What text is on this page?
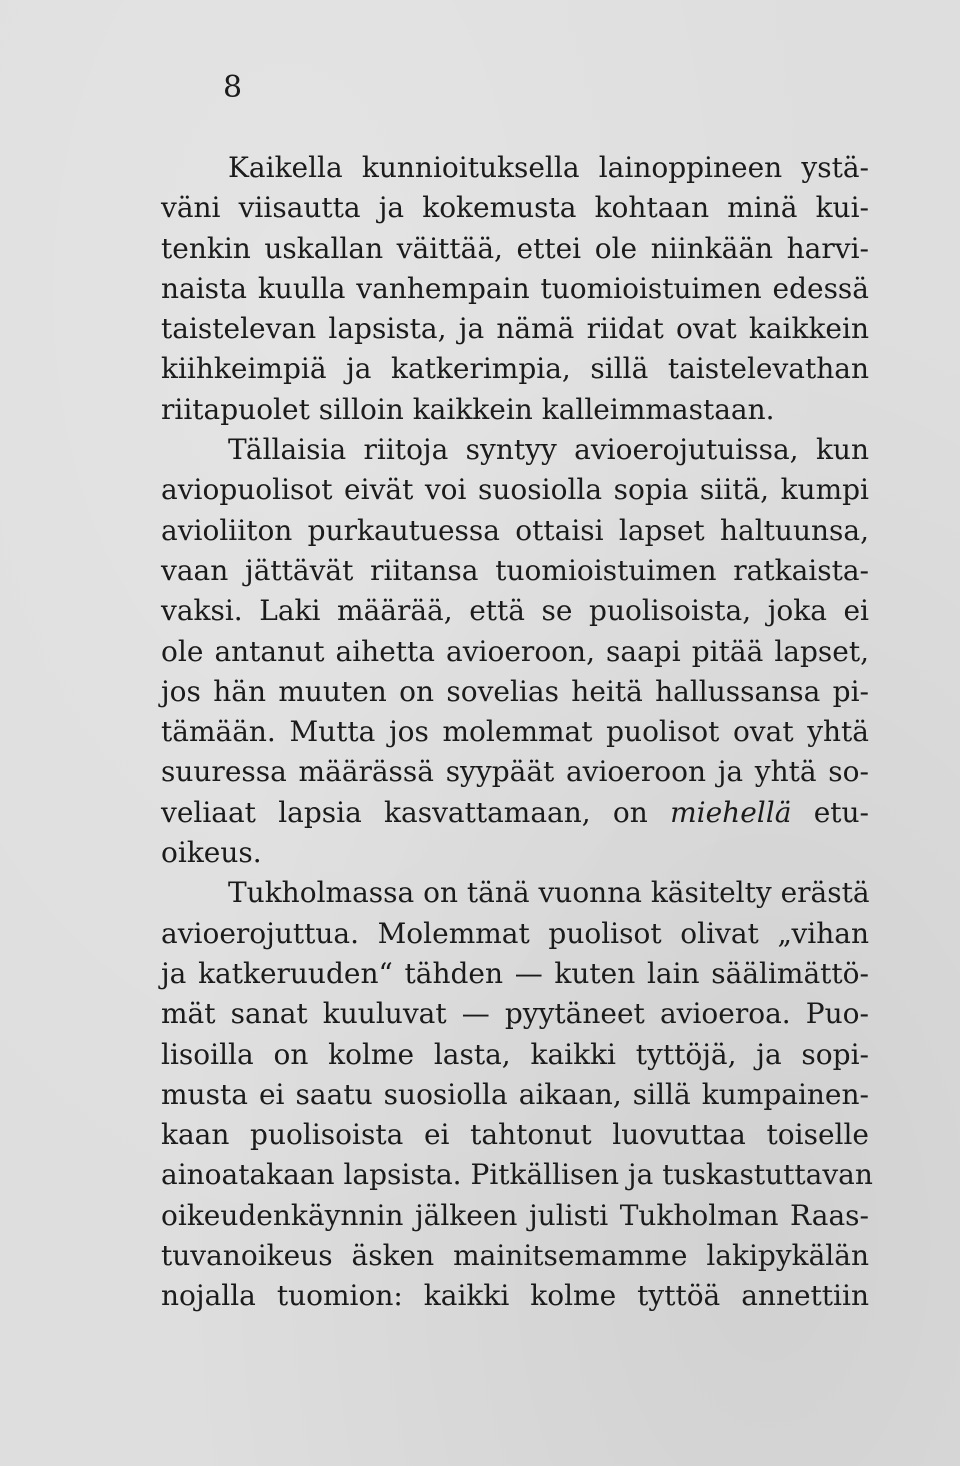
8

Kaikella kunnioituksella lainoppineen ystä-
väni viisautta ja kokemusta kohtaan minä kui-
tenkin uskallan väittää, ettei ole niinkään harvi-
naista kuulla vanhempain tuomioistuimen edessä
taistelevan lapsista, ja nämä riidat ovat kaikkein
kiihkeimpiä ja katkerimpia, sillä taistelevathan
riitapuolet silloin kaikkein kalleimmastaan.
Tällaisia riitoja syntyy avioerojutuissa, kun
aviopuolisot eivät voi suosiolla sopia siitä, kumpi
avioliiton purkautuessa ottaisi lapset haltuunsa,
vaan jättävät riitansa tuomioistuimen ratkaista-
vaksi. Laki määrää, että se puolisoista, joka ei
ole antanut aihetta avioeroon, saapi pitää lapset,
jos hän muuten on sovelias heitä hallussansa pi-
tämään. Mutta jos molemmat puolisot ovat yhtä
suuressa määrässä syypäät avioeroon ja yhtä so-
veliaat lapsia kasvattamaan, on miehellä etu-
oikeus.
Tukholmassa on tänä vuonna käsitelty erästä
avioerojuttua. Molemmat puolisot olivat „vihan
ja katkeruuden“ tähden — kuten lain säälimättö-
mät sanat kuuluvat — pyytäneet avioeroa. Puo-
lisoilla on kolme lasta, kaikki tyttöjä, ja sopi-
musta ei saatu suosiolla aikaan, sillä kumpainen-
kaan puolisoista ei tahtonut luovuttaa toiselle
ainoatakaan lapsista. Pitkällisen ja tuskastuttavan
oikeudenkäynnin jälkeen julisti Tukholman Raas-
tuvanoikeus äsken mainitsemamme lakipykälän
nojalla tuomion: kaikki kolme tyttöä annettiin
